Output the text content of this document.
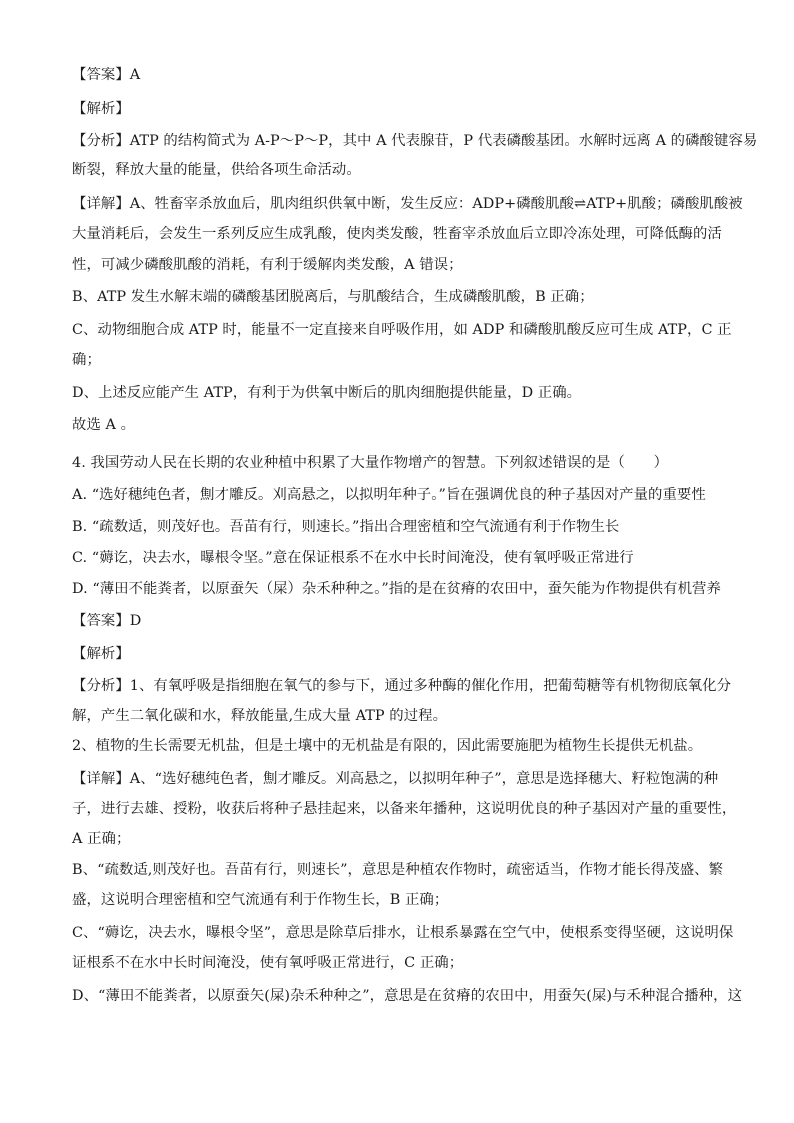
【答案】A
【解析】
【分析】ATP 的结构简式为 A-P～P～P，其中 A 代表腺苷，P 代表磷酸基团。水解时远离 A 的磷酸键容易
断裂，释放大量的能量，供给各项生命活动。
【详解】A、牲畜宰杀放血后，肌肉组织供氧中断，发生反应：ADP+磷酸肌酸⇌ATP+肌酸；磷酸肌酸被
大量消耗后，会发生一系列反应生成乳酸，使肉类发酸，牲畜宰杀放血后立即冷冻处理，可降低酶的活
性，可减少磷酸肌酸的消耗，有利于缓解肉类发酸，A 错误；
B、ATP 发生水解末端的磷酸基团脱离后，与肌酸结合，生成磷酸肌酸，B 正确；
C、动物细胞合成 ATP 时，能量不一定直接来自呼吸作用，如 ADP 和磷酸肌酸反应可生成 ATP，C 正
确；
D、上述反应能产生 ATP，有利于为供氧中断后的肌肉细胞提供能量，D 正确。
故选 A 。
4. 我国劳动人民在长期的农业种植中积累了大量作物增产的智慧。下列叙述错误的是（　　）
A. “选好穗纯色者，劁才雕反。刈高悬之，以拟明年种子。”旨在强调优良的种子基因对产量的重要性
B. “疏数适，则茂好也。吾苗有行，则速长。”指出合理密植和空气流通有利于作物生长
C. “薅讫，决去水，曝根令坚。”意在保证根系不在水中长时间淹没，使有氧呼吸正常进行
D. “薄田不能粪者，以原蚕矢（屎）杂禾种种之。”指的是在贫瘠的农田中，蚕矢能为作物提供有机营养
【答案】D
【解析】
【分析】1、有氧呼吸是指细胞在氧气的参与下，通过多种酶的催化作用，把葡萄糖等有机物彻底氧化分
解，产生二氧化碳和水，释放能量,生成大量 ATP 的过程。
2、植物的生长需要无机盐，但是土壤中的无机盐是有限的，因此需要施肥为植物生长提供无机盐。
【详解】A、“选好穗纯色者，劁才雕反。刈高悬之，以拟明年种子”，意思是选择穗大、籽粒饱满的种
子，进行去雄、授粉，收获后将种子悬挂起来，以备来年播种，这说明优良的种子基因对产量的重要性，
A 正确；
B、“疏数适,则茂好也。吾苗有行，则速长”，意思是种植农作物时，疏密适当，作物才能长得茂盛、繁
盛，这说明合理密植和空气流通有利于作物生长，B 正确；
C、“薅讫，决去水，曝根令坚”，意思是除草后排水，让根系暴露在空气中，使根系变得坚硬，这说明保
证根系不在水中长时间淹没，使有氧呼吸正常进行，C 正确；
D、“薄田不能粪者，以原蚕矢(屎)杂禾种种之”，意思是在贫瘠的农田中，用蚕矢(屎)与禾种混合播种，这
